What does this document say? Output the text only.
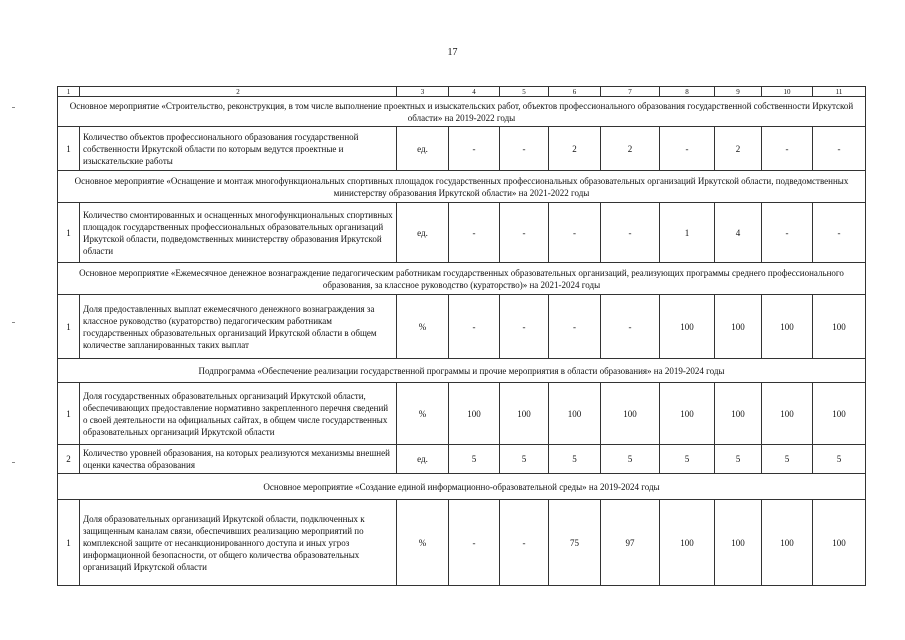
17
1	2	3	4	5	6	7	8	9	10	11
Основное мероприятие «Строительство, реконструкция, в том числе выполнение проектных и изыскательских работ, объектов профессионального образования государственной собственности Иркутской области» на 2019-2022 годы										
1	Количество объектов профессионального образования государственной собственности Иркутской области по которым ведутся проектные и изыскательские работы	ед.	-	-	2	2	-	2	-	-
Основное мероприятие «Оснащение и монтаж многофункциональных спортивных площадок государственных профессиональных образовательных организаций Иркутской области, подведомственных министерству образования Иркутской области» на 2021-2022 годы										
1	Количество смонтированных и оснащенных многофункциональных спортивных площадок государственных профессиональных образовательных организаций Иркутской области, подведомственных министерству образования Иркутской области	ед.	-	-	-	-	1	4	-	-
Основное мероприятие «Ежемесячное денежное вознаграждение педагогическим работникам государственных образовательных организаций, реализующих программы среднего профессионального образования, за классное руководство (кураторство)» на 2021-2024 годы										
1	Доля предоставленных выплат ежемесячного денежного вознаграждения за классное руководство (кураторство) педагогическим работникам государственных образовательных организаций Иркутской области в общем количестве запланированных таких выплат	%	-	-	-	-	100	100	100	100
Подпрограмма «Обеспечение реализации государственной программы и прочие мероприятия в области образования» на 2019-2024 годы										
1	Доля государственных образовательных организаций Иркутской области, обеспечивающих предоставление нормативно закрепленного перечня сведений о своей деятельности на официальных сайтах, в общем числе государственных образовательных организаций Иркутской области	%	100	100	100	100	100	100	100	100
2	Количество уровней образования, на которых реализуются механизмы внешней оценки качества образования	ед.	5	5	5	5	5	5	5	5
Основное мероприятие «Создание единой информационно-образовательной среды» на 2019-2024 годы										
1	Доля образовательных организаций Иркутской области, подключенных к защищенным каналам связи, обеспечивших реализацию мероприятий по комплексной защите от несанкционированного доступа и иных угроз информационной безопасности, от общего количества образовательных организаций Иркутской области	%	-	-	75	97	100	100	100	100
